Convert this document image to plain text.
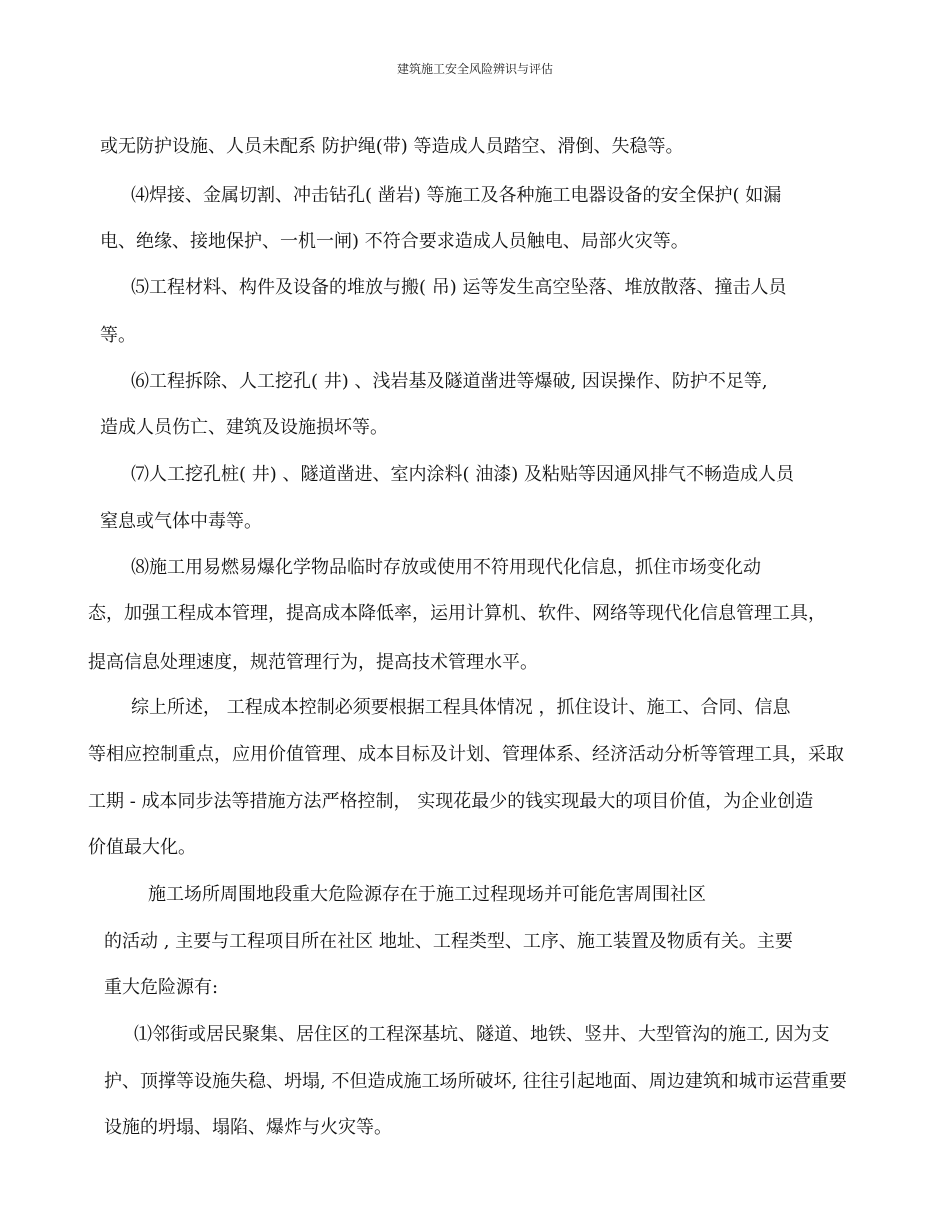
建筑施工安全风险辨识与评估
或无防护设施、人员未配系 防护绳(带) 等造成人员踏空、滑倒、失稳等。
⑷焊接、金属切割、冲击钻孔( 凿岩) 等施工及各种施工电器设备的安全保护( 如漏
电、绝缘、接地保护、一机一闸) 不符合要求造成人员触电、局部火灾等。
⑸工程材料、构件及设备的堆放与搬( 吊) 运等发生高空坠落、堆放散落、撞击人员
等。
⑹工程拆除、人工挖孔( 井) 、浅岩基及隧道凿进等爆破, 因误操作、防护不足等,
造成人员伤亡、建筑及设施损坏等。
⑺人工挖孔桩( 井) 、隧道凿进、室内涂料( 油漆) 及粘贴等因通风排气不畅造成人员
窒息或气体中毒等。
⑻施工用易燃易爆化学物品临时存放或使用不符用现代化信息，抓住市场变化动
态，加强工程成本管理，提高成本降低率，运用计算机、软件、网络等现代化信息管理工具，
提高信息处理速度，规范管理行为，提高技术管理水平。
综上所述， 工程成本控制必须要根据工程具体情况 ，抓住设计、施工、合同、信息
等相应控制重点，应用价值管理、成本目标及计划、管理体系、经济活动分析等管理工具，采取
工期 - 成本同步法等措施方法严格控制， 实现花最少的钱实现最大的项目价值，为企业创造
价值最大化。
施工场所周围地段重大危险源存在于施工过程现场并可能危害周围社区
的活动 , 主要与工程项目所在社区 地址、工程类型、工序、施工装置及物质有关。主要
重大危险源有:
⑴邻街或居民聚集、居住区的工程深基坑、隧道、地铁、竖井、大型管沟的施工, 因为支
护、顶撑等设施失稳、坍塌, 不但造成施工场所破坏, 往往引起地面、周边建筑和城市运营重要
设施的坍塌、塌陷、爆炸与火灾等。
